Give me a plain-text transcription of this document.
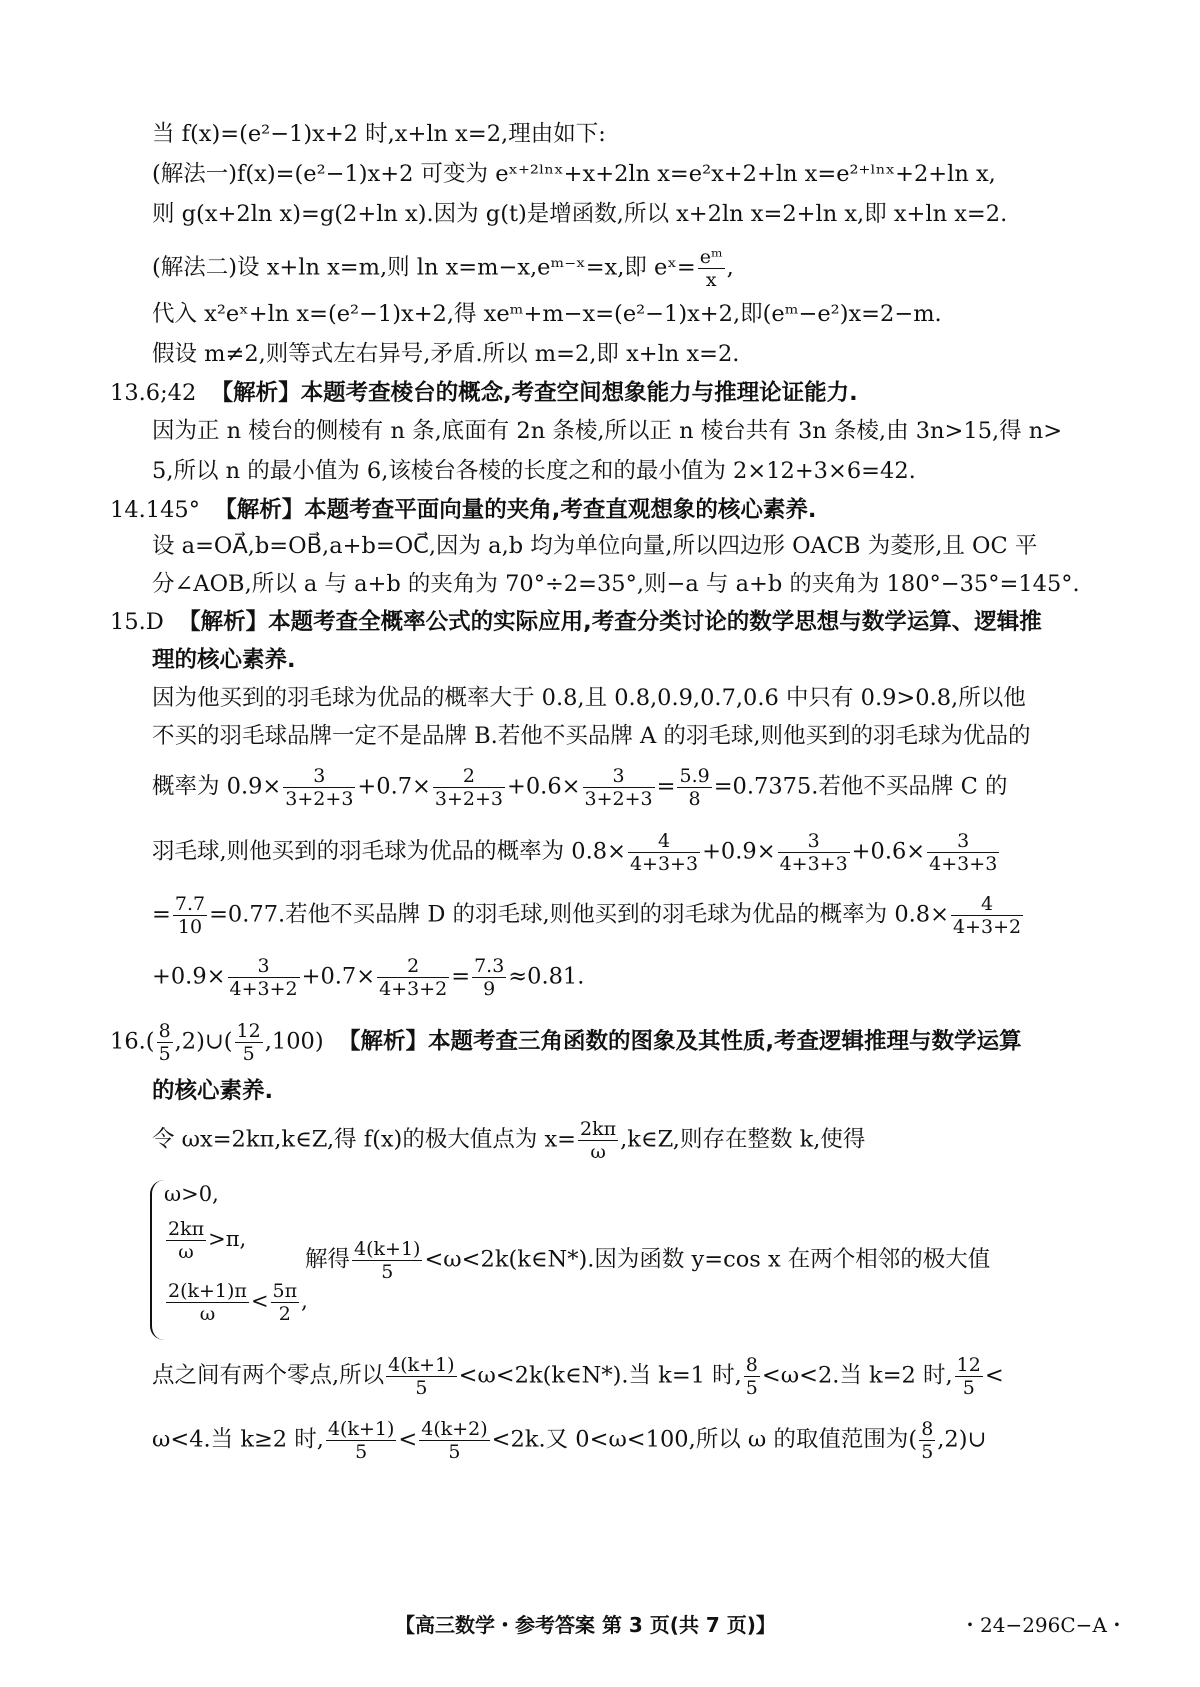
当 f(x)=(e²−1)x+2 时,x+ln x=2,理由如下:
(解法一)f(x)=(e²−1)x+2 可变为 eˣ⁺²ˡⁿˣ+x+2ln x=e²x+2+ln x=e²⁺ˡⁿˣ+2+ln x,
则 g(x+2ln x)=g(2+ln x).因为 g(t)是增函数,所以 x+2ln x=2+ln x,即 x+ln x=2.
(解法二)设 x+ln x=m,则 ln x=m−x,eᵐ⁻ˣ=x,即 eˣ= $\frac{\text{eᵐ}}{x}$ ,
代入 x²eˣ+ln x=(e²−1)x+2,得 xeᵐ+m−x=(e²−1)x+2,即(eᵐ−e²)x=2−m.
假设 m≠2,则等式左右异号,矛盾.所以 m=2,即 x+ln x=2.
13.6;42 【解析】本题考查棱台的概念,考查空间想象能力与推理论证能力.
因为正 n 棱台的侧棱有 n 条,底面有 2n 条棱,所以正 n 棱台共有 3n 条棱,由 3n>15,得 n>
5,所以 n 的最小值为 6,该棱台各棱的长度之和的最小值为 2×12+3×6=42.
14.145° 【解析】本题考查平面向量的夹角,考查直观想象的核心素养.
设 a=OA⃗,b=OB⃗,a+b=OC⃗,因为 a,b 均为单位向量,所以四边形 OACB 为菱形,且 OC 平
分∠AOB,所以 a 与 a+b 的夹角为 70°÷2=35°,则−a 与 a+b 的夹角为 180°−35°=145°.
15.D 【解析】本题考查全概率公式的实际应用,考查分类讨论的数学思想与数学运算、逻辑推
理的核心素养.
因为他买到的羽毛球为优品的概率大于 0.8,且 0.8,0.9,0.7,0.6 中只有 0.9>0.8,所以他
不买的羽毛球品牌一定不是品牌 B.若他不买品牌 A 的羽毛球,则他买到的羽毛球为优品的
概率为 $0.9\times \frac{3}{3+2+3} +0.7\times \frac{2}{3+2+3} +0.6\times \frac{3}{3+2+3} = \frac{5.9}{8} =0.7375$.若他不买品牌 C 的
羽毛球,则他买到的羽毛球为优品的概率为 $0.8\times \frac{4}{4+3+3} +0.9\times \frac{3}{4+3+3} +0.6\times \frac{3}{4+3+3}$
= $\frac{7.7}{10} =0.77$.若他不买品牌 D 的羽毛球,则他买到的羽毛球为优品的概率为 $0.8\times \frac{4}{4+3+2}$
$+0.9\times \frac{3}{4+3+2} +0.7\times \frac{2}{4+3+2} = \frac{7.3}{9} \approx 0.81$.
$16.( \frac{8}{5}$ ,2)∪( $\frac{12}{5} ,100$) 【解析】本题考查三角函数的图象及其性质,考查逻辑推理与数学运算
的核心素养.
令 ωx=2kπ,k∈Z,得 f(x)的极大值点为 $x= \frac{2k\pi}{\omega}$ ,k∈Z,则存在整数 k,使得
ω>0,
$\frac{2k\pi}{\omega} >\pi$,
$\frac{2(k+1)\pi}{\omega} < \frac{5\pi}{2}$ ,
解得 $\frac{4(k+1)}{5}$ <ω<2k(k∈N*).因为函数 y=cos x 在两个相邻的极大值
点之间有两个零点,所以 $\frac{4(k+1)}{5}$ <ω<2k(k∈N*).当 k=1 时, $\frac{8}{5} <\omega<2$.当 k=2 时, $\frac{12}{5}$ <
ω<4.当 k≥2 时, $\frac{4(k+1)}{5} < \frac{4(k+2)}{5} <2k$.又 0<ω<100,所以 ω 的取值范围为( $\frac{8}{5}$ ,2)∪
【高三数学・参考答案 第 3 页(共 7 页)】	・24−296C−A・
